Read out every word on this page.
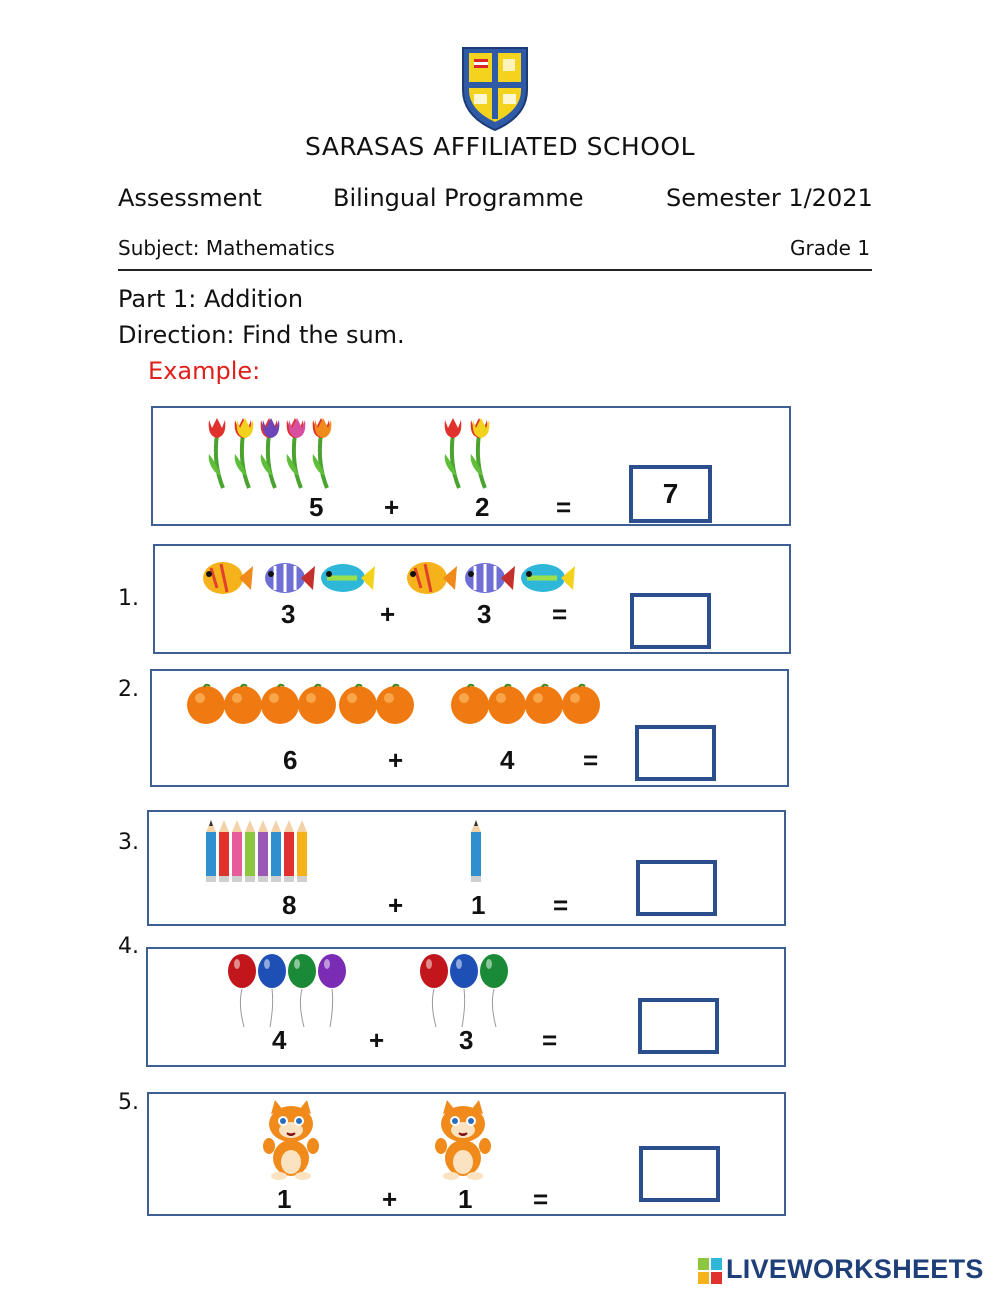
SARASAS AFFILIATED SCHOOL
Assessment	Bilingual Programme	Semester 1/2021
Subject: Mathematics	Grade 1
Part 1: Addition
Direction: Find the sum.
Example:
5 +	2	=	7
1.
3	+	3 =
2.
6	+	4	=
3.
8	+	1	=
4.
4	+	3	=
5.
1	+ 1 =
LIVEWORKSHEETS
